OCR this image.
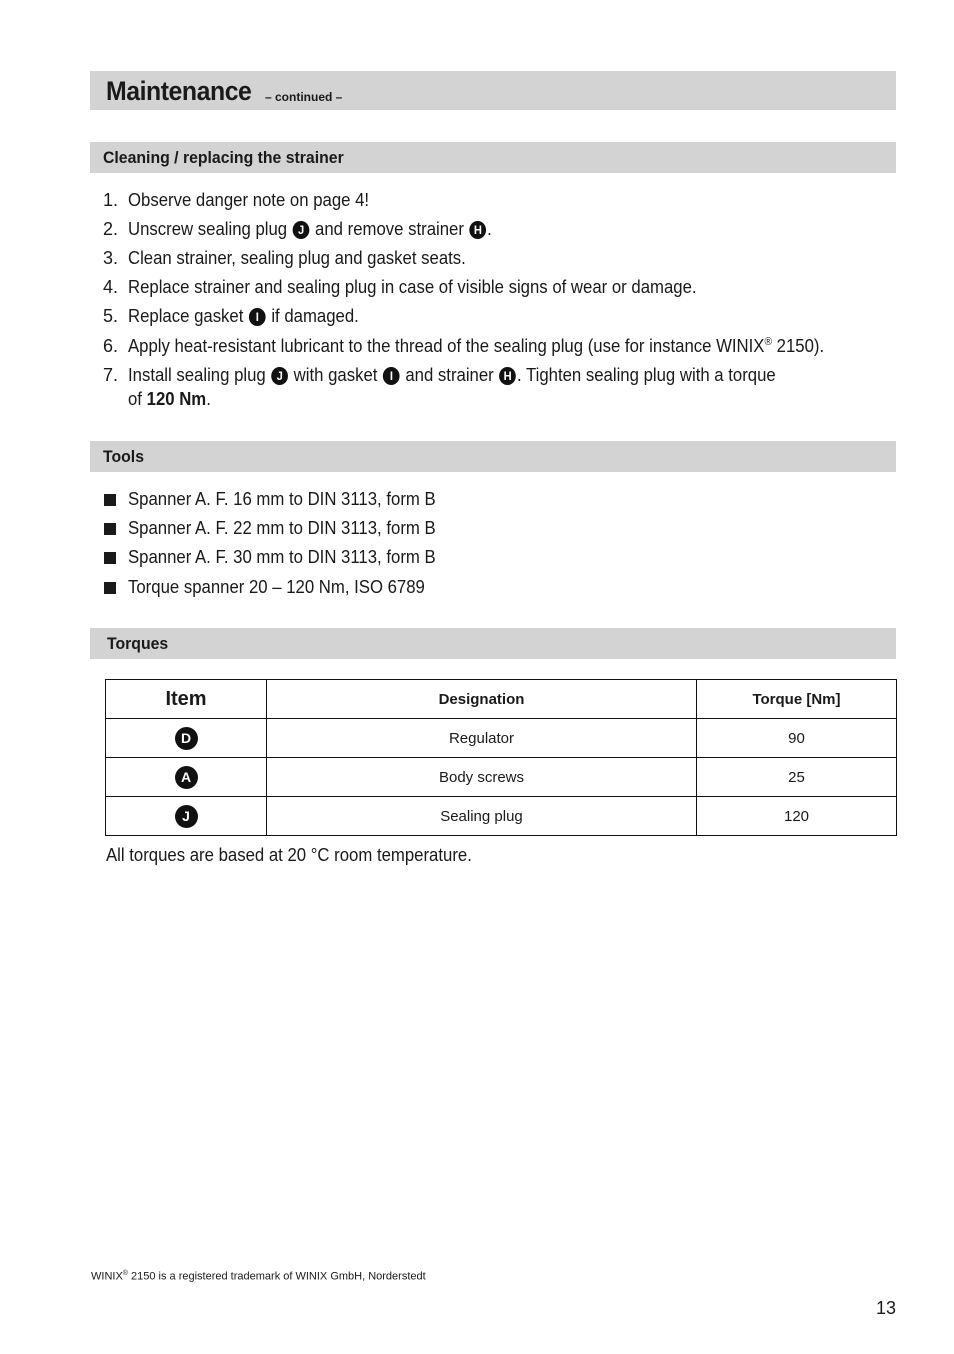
Maintenance – continued –
Cleaning / replacing the strainer
1. Observe danger note on page 4!
2. Unscrew sealing plug J and remove strainer H .
3. Clean strainer, sealing plug and gasket seats.
4. Replace strainer and sealing plug in case of visible signs of wear or damage.
5. Replace gasket I if damaged.
6. Apply heat-resistant lubricant to the thread of the sealing plug (use for instance WINIX® 2150).
7. Install sealing plug J with gasket I and strainer H . Tighten sealing plug with a torque
of 120 Nm.
Tools
Spanner A. F. 16 mm to DIN 3113, form B
Spanner A. F. 22 mm to DIN 3113, form B
Spanner A. F. 30 mm to DIN 3113, form B
Torque spanner 20 – 120 Nm, ISO 6789
Torques
Item	Designation	Torque [Nm]
D	Regulator	90
A	Body screws	25
J	Sealing plug	120
All torques are based at 20 °C room temperature.
WINIX® 2150 is a registered trademark of WINIX GmbH, Norderstedt
13
